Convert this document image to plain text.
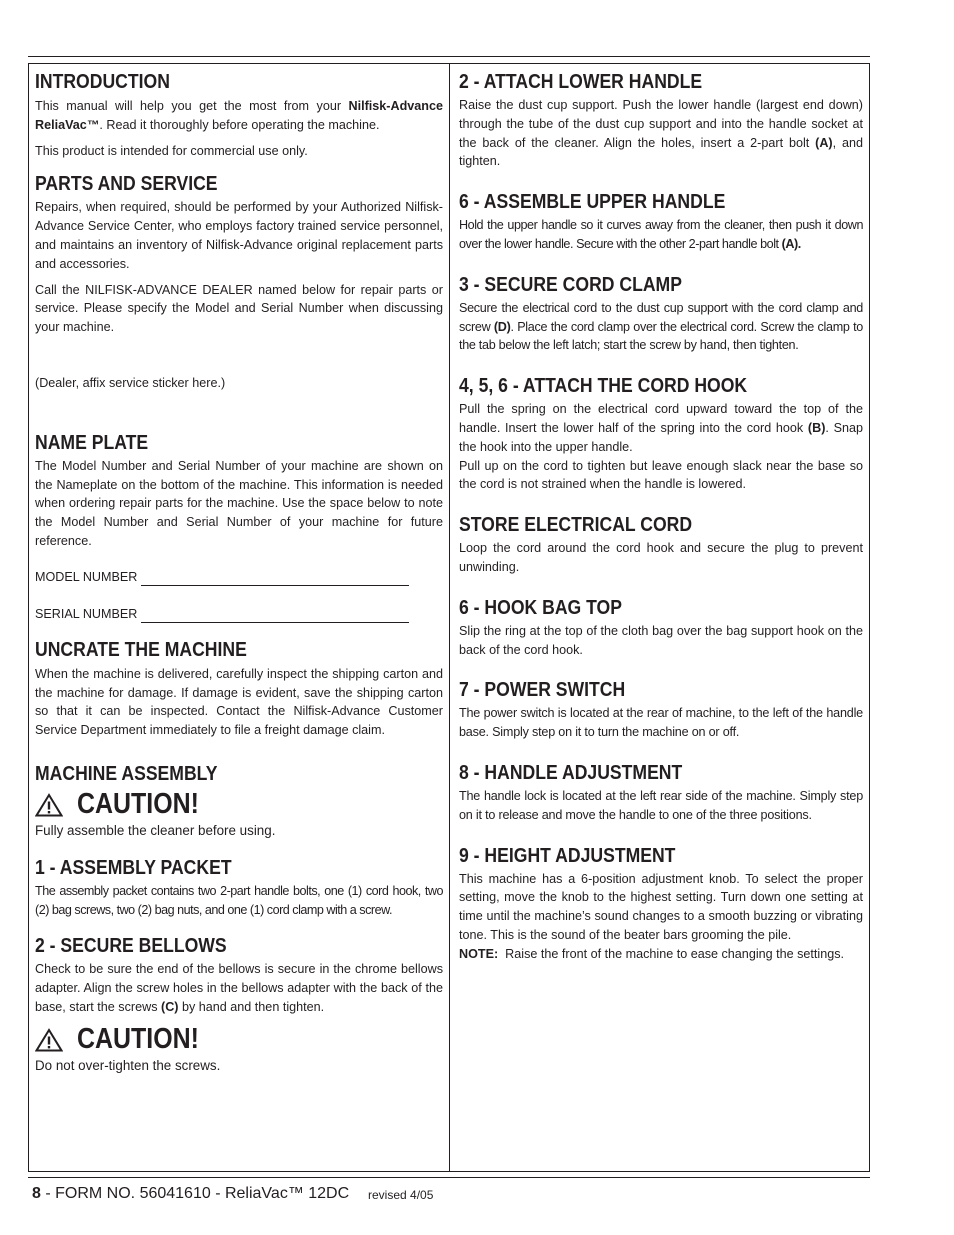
INTRODUCTION

This manual will help you get the most from your Nilfisk-Advance ReliaVac™. Read it thoroughly before operating the machine.

This product is intended for commercial use only.

PARTS AND SERVICE

Repairs, when required, should be performed by your Authorized Nilfisk-Advance Service Center, who employs factory trained service personnel, and maintains an inventory of Nilfisk-Advance original replacement parts and accessories.

Call the NILFISK-ADVANCE DEALER named below for repair parts or service. Please specify the Model and Serial Number when discussing your machine.

(Dealer, affix service sticker here.)

NAME PLATE

The Model Number and Serial Number of your machine are shown on the Nameplate on the bottom of the machine. This information is needed when ordering repair parts for the machine. Use the space below to note the Model Number and Serial Number of your machine for future reference.

MODEL NUMBER
SERIAL NUMBER
UNCRATE THE MACHINE

When the machine is delivered, carefully inspect the shipping carton and the machine for damage. If damage is evident, save the shipping carton so that it can be inspected. Contact the Nilfisk-Advance Customer Service Department immediately to file a freight damage claim.

MACHINE ASSEMBLY
CAUTION!

Fully assemble the cleaner before using.

1 - ASSEMBLY PACKET

The assembly packet contains two 2-part handle bolts, one (1) cord hook, two (2) bag screws, two (2) bag nuts, and one (1) cord clamp with a screw.

2 - SECURE BELLOWS

Check to be sure the end of the bellows is secure in the chrome bellows adapter. Align the screw holes in the bellows adapter with the back of the base, start the screws (C) by hand and then tighten.

CAUTION!

Do not over-tighten the screws.

2 - ATTACH LOWER HANDLE

Raise the dust cup support. Push the lower handle (largest end down) through the tube of the dust cup support and into the handle socket at the back of the cleaner. Align the holes, insert a 2-part bolt (A), and tighten.

6 - ASSEMBLE UPPER HANDLE

Hold the upper handle so it curves away from the cleaner, then push it down over the lower handle. Secure with the other 2-part handle bolt (A).

3 - SECURE CORD CLAMP

Secure the electrical cord to the dust cup support with the cord clamp and screw (D). Place the cord clamp over the electrical cord. Screw the clamp to the tab below the left latch; start the screw by hand, then tighten.

4, 5, 6 - ATTACH THE CORD HOOK

Pull the spring on the electrical cord upward toward the top of the handle. Insert the lower half of the spring into the cord hook (B). Snap the hook into the upper handle.

Pull up on the cord to tighten but leave enough slack near the base so the cord is not strained when the handle is lowered.

STORE ELECTRICAL CORD

Loop the cord around the cord hook and secure the plug to prevent unwinding.

6 - HOOK BAG TOP

Slip the ring at the top of the cloth bag over the bag support hook on the back of the cord hook.

7 - POWER SWITCH

The power switch is located at the rear of machine, to the left of the handle base. Simply step on it to turn the machine on or off.

8 - HANDLE ADJUSTMENT

The handle lock is located at the left rear side of the machine. Simply step on it to release and move the handle to one of the three positions.

9 - HEIGHT ADJUSTMENT

This machine has a 6-position adjustment knob. To select the proper setting, move the knob to the highest setting. Turn down one setting at time until the machine’s sound changes to a smooth buzzing or vibrating tone. This is the sound of the beater bars grooming the pile.

NOTE:  Raise the front of the machine to ease changing the settings.

8 - FORM NO. 56041610 - ReliaVac™ 12DC revised 4/05
